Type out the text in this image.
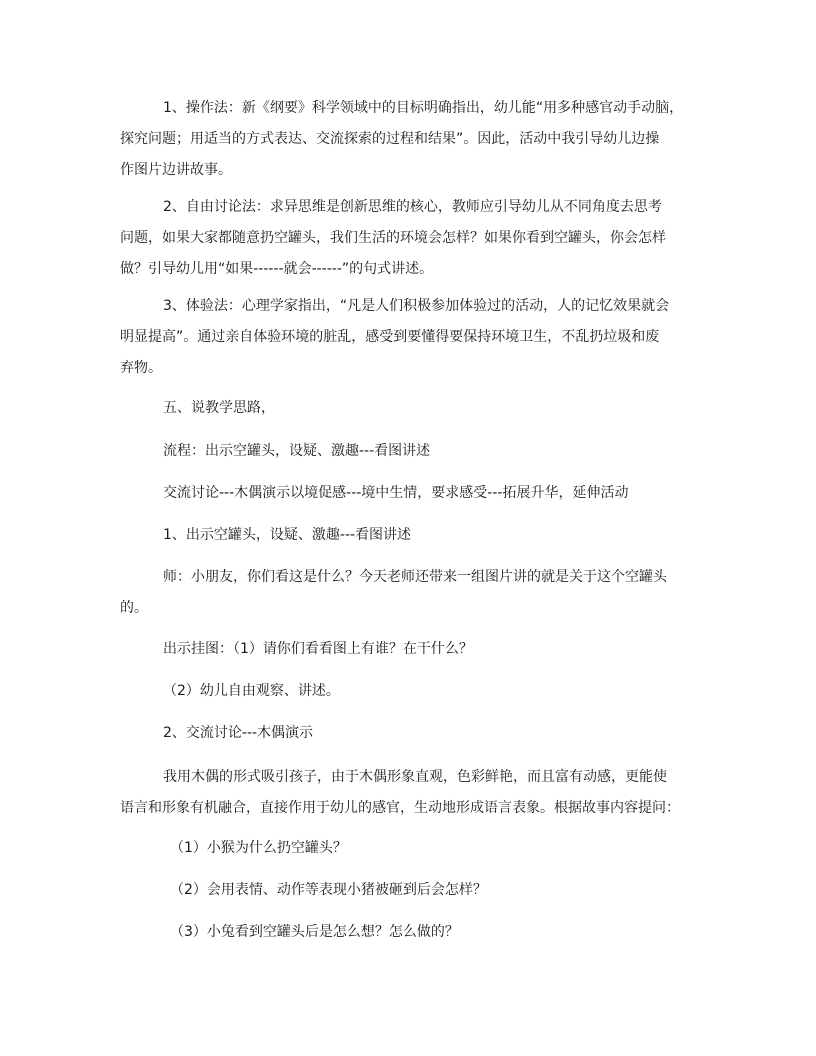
1、操作法：新《纲要》科学领域中的目标明确指出，幼儿能“用多种感官动手动脑，
探究问题；用适当的方式表达、交流探索的过程和结果”。因此，活动中我引导幼儿边操
作图片边讲故事。

2、自由讨论法：求异思维是创新思维的核心，教师应引导幼儿从不同角度去思考
问题，如果大家都随意扔空罐头，我们生活的环境会怎样？如果你看到空罐头，你会怎样
做？引导幼儿用“如果------就会------”的句式讲述。

3、体验法：心理学家指出，“凡是人们积极参加体验过的活动，人的记忆效果就会
明显提高”。通过亲自体验环境的脏乱，感受到要懂得要保持环境卫生，不乱扔垃圾和废
弃物。

五、说教学思路，

流程：出示空罐头，设疑、激趣---看图讲述

交流讨论---木偶演示以境促感---境中生情，要求感受---拓展升华，延伸活动

1、出示空罐头，设疑、激趣---看图讲述

师：小朋友，你们看这是什么？今天老师还带来一组图片讲的就是关于这个空罐头
的。

出示挂图：（1）请你们看看图上有谁？在干什么？

（2）幼儿自由观察、讲述。

2、交流讨论---木偶演示

我用木偶的形式吸引孩子，由于木偶形象直观，色彩鲜艳，而且富有动感，更能使
语言和形象有机融合，直接作用于幼儿的感官，生动地形成语言表象。根据故事内容提问：

（1）小猴为什么扔空罐头？

（2）会用表情、动作等表现小猪被砸到后会怎样？

（3）小兔看到空罐头后是怎么想？怎么做的？
